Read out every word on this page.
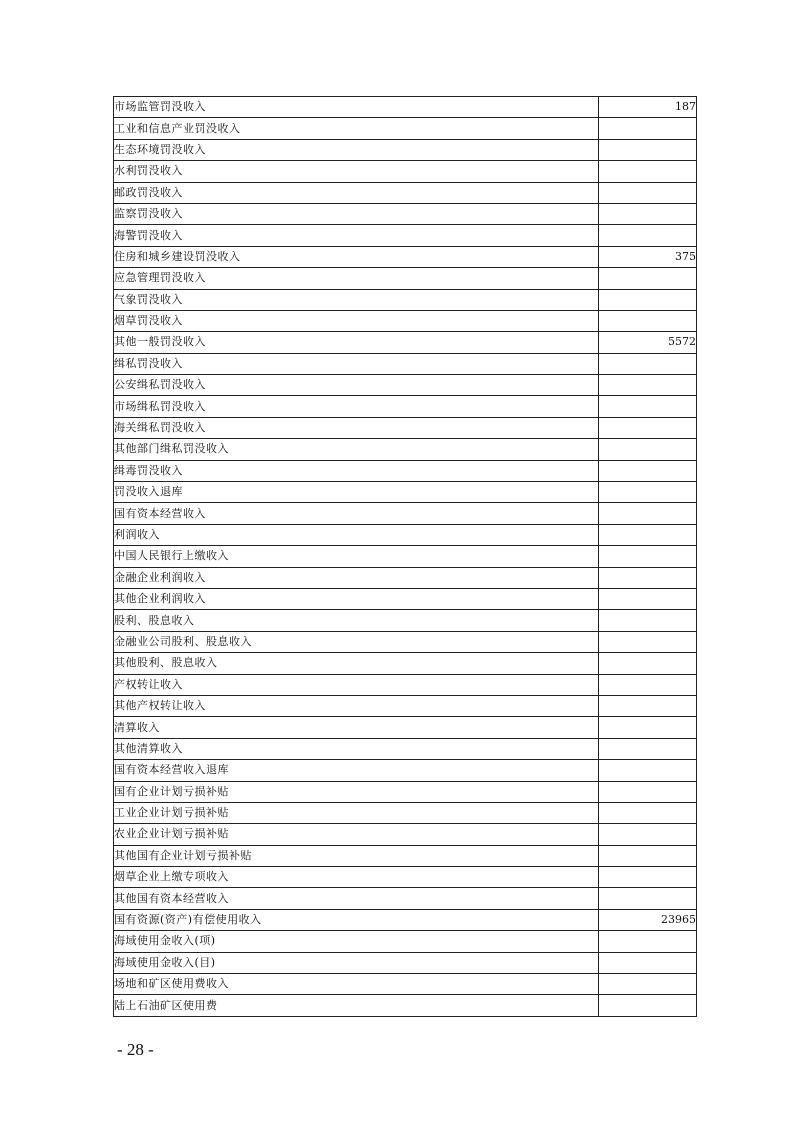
市场监管罚没收入	187
工业和信息产业罚没收入	
生态环境罚没收入	
水利罚没收入	
邮政罚没收入	
监察罚没收入	
海警罚没收入	
住房和城乡建设罚没收入	375
应急管理罚没收入	
气象罚没收入	
烟草罚没收入	
其他一般罚没收入	5572
缉私罚没收入	
公安缉私罚没收入	
市场缉私罚没收入	
海关缉私罚没收入	
其他部门缉私罚没收入	
缉毒罚没收入	
罚没收入退库	
国有资本经营收入	
利润收入	
中国人民银行上缴收入	
金融企业利润收入	
其他企业利润收入	
股利、股息收入	
金融业公司股利、股息收入	
其他股利、股息收入	
产权转让收入	
其他产权转让收入	
清算收入	
其他清算收入	
国有资本经营收入退库	
国有企业计划亏损补贴	
工业企业计划亏损补贴	
农业企业计划亏损补贴	
其他国有企业计划亏损补贴	
烟草企业上缴专项收入	
其他国有资本经营收入	
国有资源(资产)有偿使用收入	23965
海域使用金收入(项)	
海域使用金收入(目)	
场地和矿区使用费收入	
陆上石油矿区使用费	
- 28 -
